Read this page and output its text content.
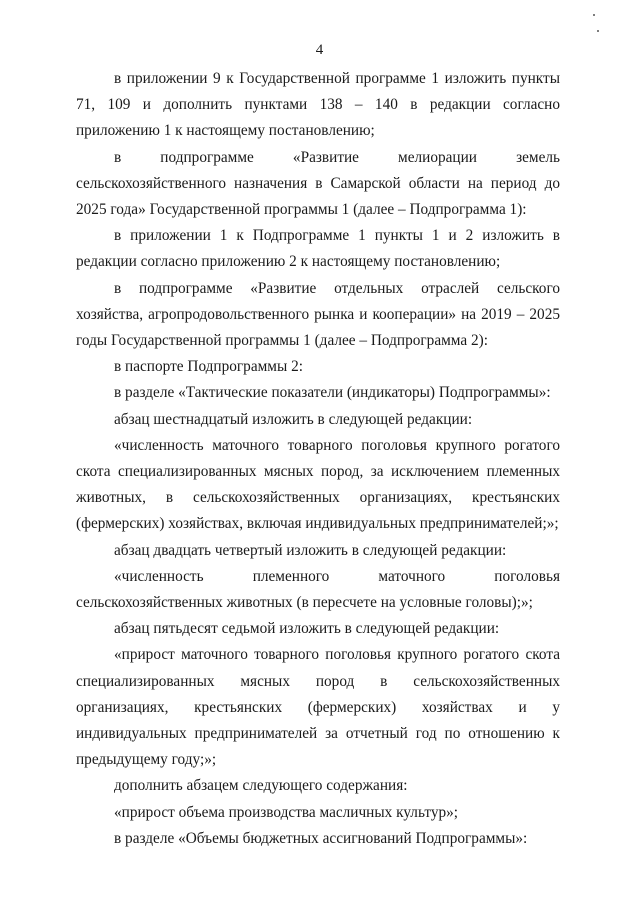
4

в приложении 9 к Государственной программе 1 изложить пункты 71, 109 и дополнить пунктами 138 – 140 в редакции согласно приложению 1 к настоящему постановлению;

в подпрограмме «Развитие мелиорации земель сельскохозяйственного назначения в Самарской области на период до 2025 года» Государственной программы 1 (далее – Подпрограмма 1):

в приложении 1 к Подпрограмме 1 пункты 1 и 2 изложить в редакции согласно приложению 2 к настоящему постановлению;

в подпрограмме «Развитие отдельных отраслей сельского хозяйства, агропродовольственного рынка и кооперации» на 2019 – 2025 годы Государственной программы 1 (далее – Подпрограмма 2):

в паспорте Подпрограммы 2:

в разделе «Тактические показатели (индикаторы) Подпрограммы»:

абзац шестнадцатый изложить в следующей редакции:

«численность маточного товарного поголовья крупного рогатого скота специализированных мясных пород, за исключением племенных животных, в сельскохозяйственных организациях, крестьянских (фермерских) хозяйствах, включая индивидуальных предпринимателей;»;

абзац двадцать четвертый изложить в следующей редакции:

«численность племенного маточного поголовья сельскохозяйственных животных (в пересчете на условные головы);»;

абзац пятьдесят седьмой изложить в следующей редакции:

«прирост маточного товарного поголовья крупного рогатого скота специализированных мясных пород в сельскохозяйственных организациях, крестьянских (фермерских) хозяйствах и у индивидуальных предпринимателей за отчетный год по отношению к предыдущему году;»;

дополнить абзацем следующего содержания:

«прирост объема производства масличных культур»;

в разделе «Объемы бюджетных ассигнований Подпрограммы»:
